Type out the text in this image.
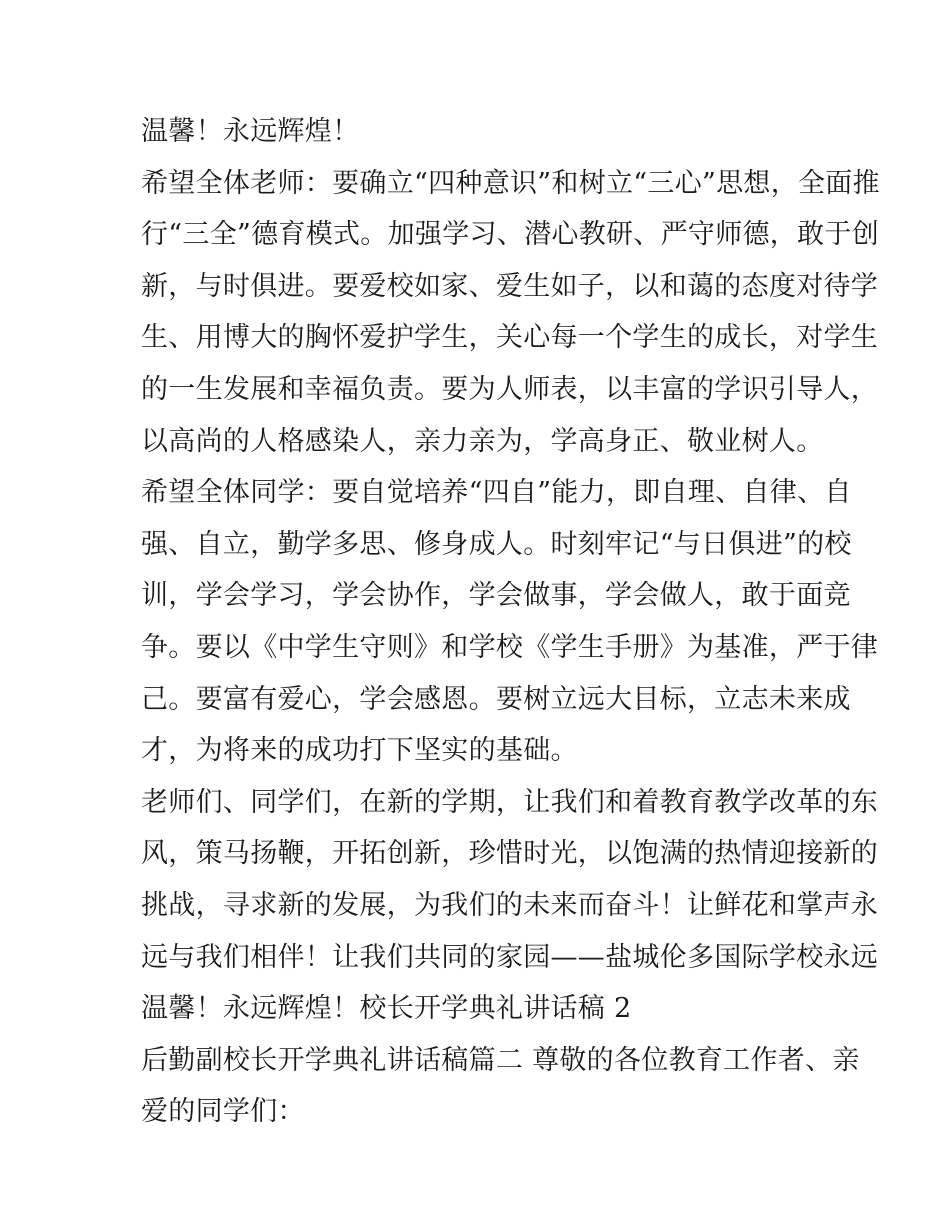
温馨！永远辉煌！
希望全体老师：要确立“四种意识”和树立“三心”思想，全面推
行“三全”德育模式。加强学习、潜心教研、严守师德，敢于创
新，与时俱进。要爱校如家、爱生如子，以和蔼的态度对待学
生、用博大的胸怀爱护学生，关心每一个学生的成长，对学生
的一生发展和幸福负责。要为人师表，以丰富的学识引导人，
以高尚的人格感染人，亲力亲为，学高身正、敬业树人。
希望全体同学：要自觉培养“四自”能力，即自理、自律、自
强、自立，勤学多思、修身成人。时刻牢记“与日俱进”的校
训，学会学习，学会协作，学会做事，学会做人，敢于面竞
争。要以《中学生守则》和学校《学生手册》为基准，严于律
己。要富有爱心，学会感恩。要树立远大目标，立志未来成
才，为将来的成功打下坚实的基础。
老师们、同学们，在新的学期，让我们和着教育教学改革的东
风，策马扬鞭，开拓创新，珍惜时光，以饱满的热情迎接新的
挑战，寻求新的发展，为我们的未来而奋斗！让鲜花和掌声永
远与我们相伴！让我们共同的家园——盐城伦多国际学校永远
温馨！永远辉煌！校长开学典礼讲话稿 2
后勤副校长开学典礼讲话稿篇二 尊敬的各位教育工作者、亲
爱的同学们：
